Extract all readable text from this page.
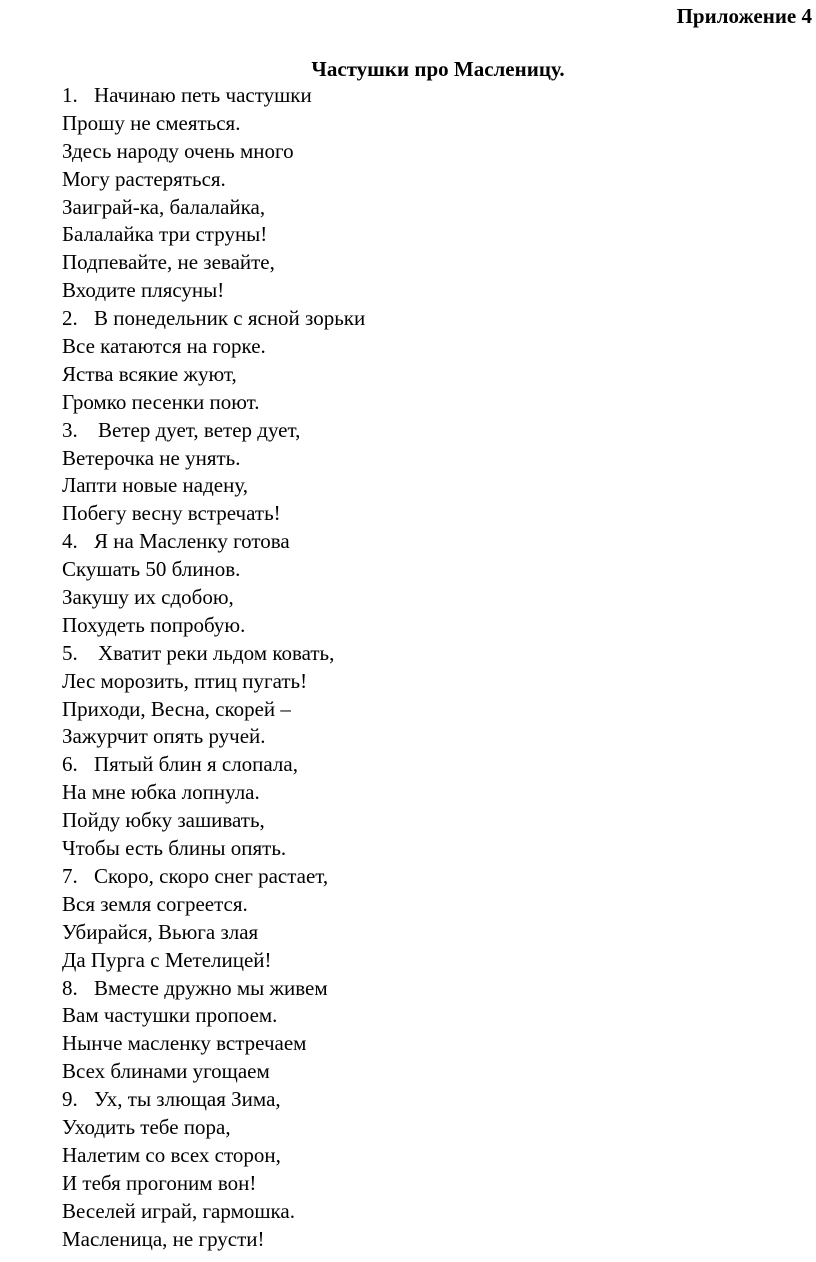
Приложение 4

Частушки про Масленицу.

1. Начинаю петь частушки
Прошу не смеяться.
Здесь народу очень много
Могу растеряться.
Заиграй-ка, балалайка,
Балалайка три струны!
Подпевайте, не зевайте,
Входите плясуны!
2. В понедельник с ясной зорьки
Все катаются на горке.
Яства всякие жуют,
Громко песенки поют.
3. Ветер дует, ветер дует,
Ветерочка не унять.
Лапти новые надену,
Побегу весну встречать!
4. Я на Масленку готова
Скушать 50 блинов.
Закушу их сдобою,
Похудеть попробую.
5. Хватит реки льдом ковать,
Лес морозить, птиц пугать!
Приходи, Весна, скорей –
Зажурчит опять ручей.
6. Пятый блин я слопала,
На мне юбка лопнула.
Пойду юбку зашивать,
Чтобы есть блины опять.
7. Скоро, скоро снег растает,
Вся земля согреется.
Убирайся, Вьюга злая
Да Пурга с Метелицей!
8. Вместе дружно мы живем
Вам частушки пропоем.
Нынче масленку встречаем
Всех блинами угощаем
9. Ух, ты злющая Зима,
Уходить тебе пора,
Налетим со всех сторон,
И тебя прогоним вон!
Веселей играй, гармошка.
Масленица, не грусти!
